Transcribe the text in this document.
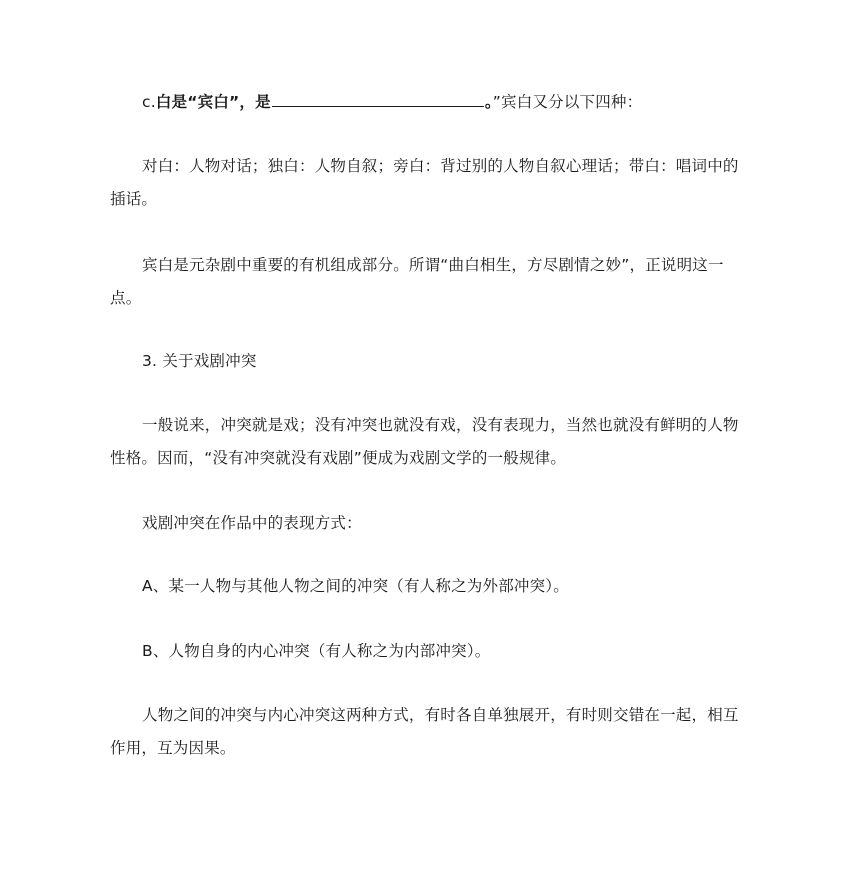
c.白是“宾白”，是	。”宾白又分以下四种：

对白：人物对话；独白：人物自叙；旁白：背过别的人物自叙心理话；带白：唱词中的插话。

宾白是元杂剧中重要的有机组成部分。所谓“曲白相生，方尽剧情之妙”，正说明这一点。

3. 关于戏剧冲突

一般说来，冲突就是戏；没有冲突也就没有戏，没有表现力，当然也就没有鲜明的人物性格。因而，“没有冲突就没有戏剧”便成为戏剧文学的一般规律。

戏剧冲突在作品中的表现方式：

A、某一人物与其他人物之间的冲突（有人称之为外部冲突）。

B、人物自身的内心冲突（有人称之为内部冲突）。

人物之间的冲突与内心冲突这两种方式，有时各自单独展开，有时则交错在一起，相互作用，互为因果。
